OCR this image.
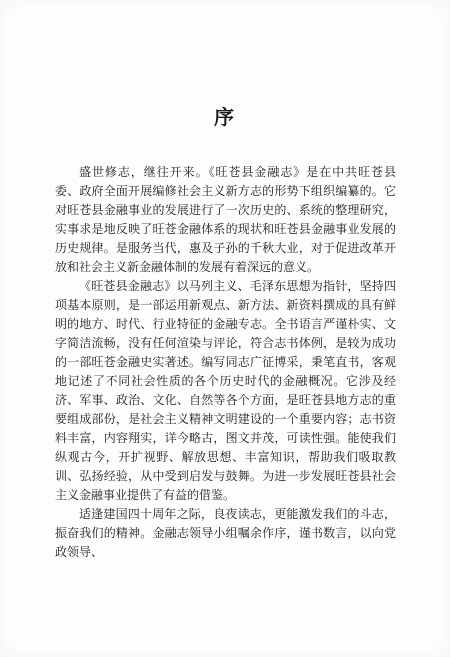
序

盛世修志，继往开来。《旺苍县金融志》是在中共旺苍县委、政府全面开展编修社会主义新方志的形势下组织编纂的。它对旺苍县金融事业的发展进行了一次历史的、系统的整理研究，实事求是地反映了旺苍金融体系的现状和旺苍县金融事业发展的历史规律。是服务当代，惠及子孙的千秋大业，对于促进改革开放和社会主义新金融体制的发展有着深远的意义。

《旺苍县金融志》以马列主义、毛泽东思想为指针，坚持四项基本原则，是一部运用新观点、新方法、新资料撰成的具有鲜明的地方、时代、行业特征的金融专志。全书语言严谨朴实、文字简洁流畅，没有任何渲染与评论，符合志书体例，是较为成功的一部旺苍金融史实著述。编写同志广征博采，秉笔直书，客观地记述了不同社会性质的各个历史时代的金融概况。它涉及经济、军事、政治、文化、自然等各个方面，是旺苍县地方志的重要组成部份，是社会主义精神文明建设的一个重要内容；志书资料丰富，内容翔实，详今略古，图文并茂，可读性强。能使我们纵观古今，开扩视野、解放思想、丰富知识，帮助我们吸取教训、弘扬经验，从中受到启发与鼓舞。为进一步发展旺苍县社会主义金融事业提供了有益的借鉴。

适逢建国四十周年之际，良夜读志，更能激发我们的斗志，振奋我们的精神。金融志领导小组嘱余作序，谨书数言，以向党政领导、
